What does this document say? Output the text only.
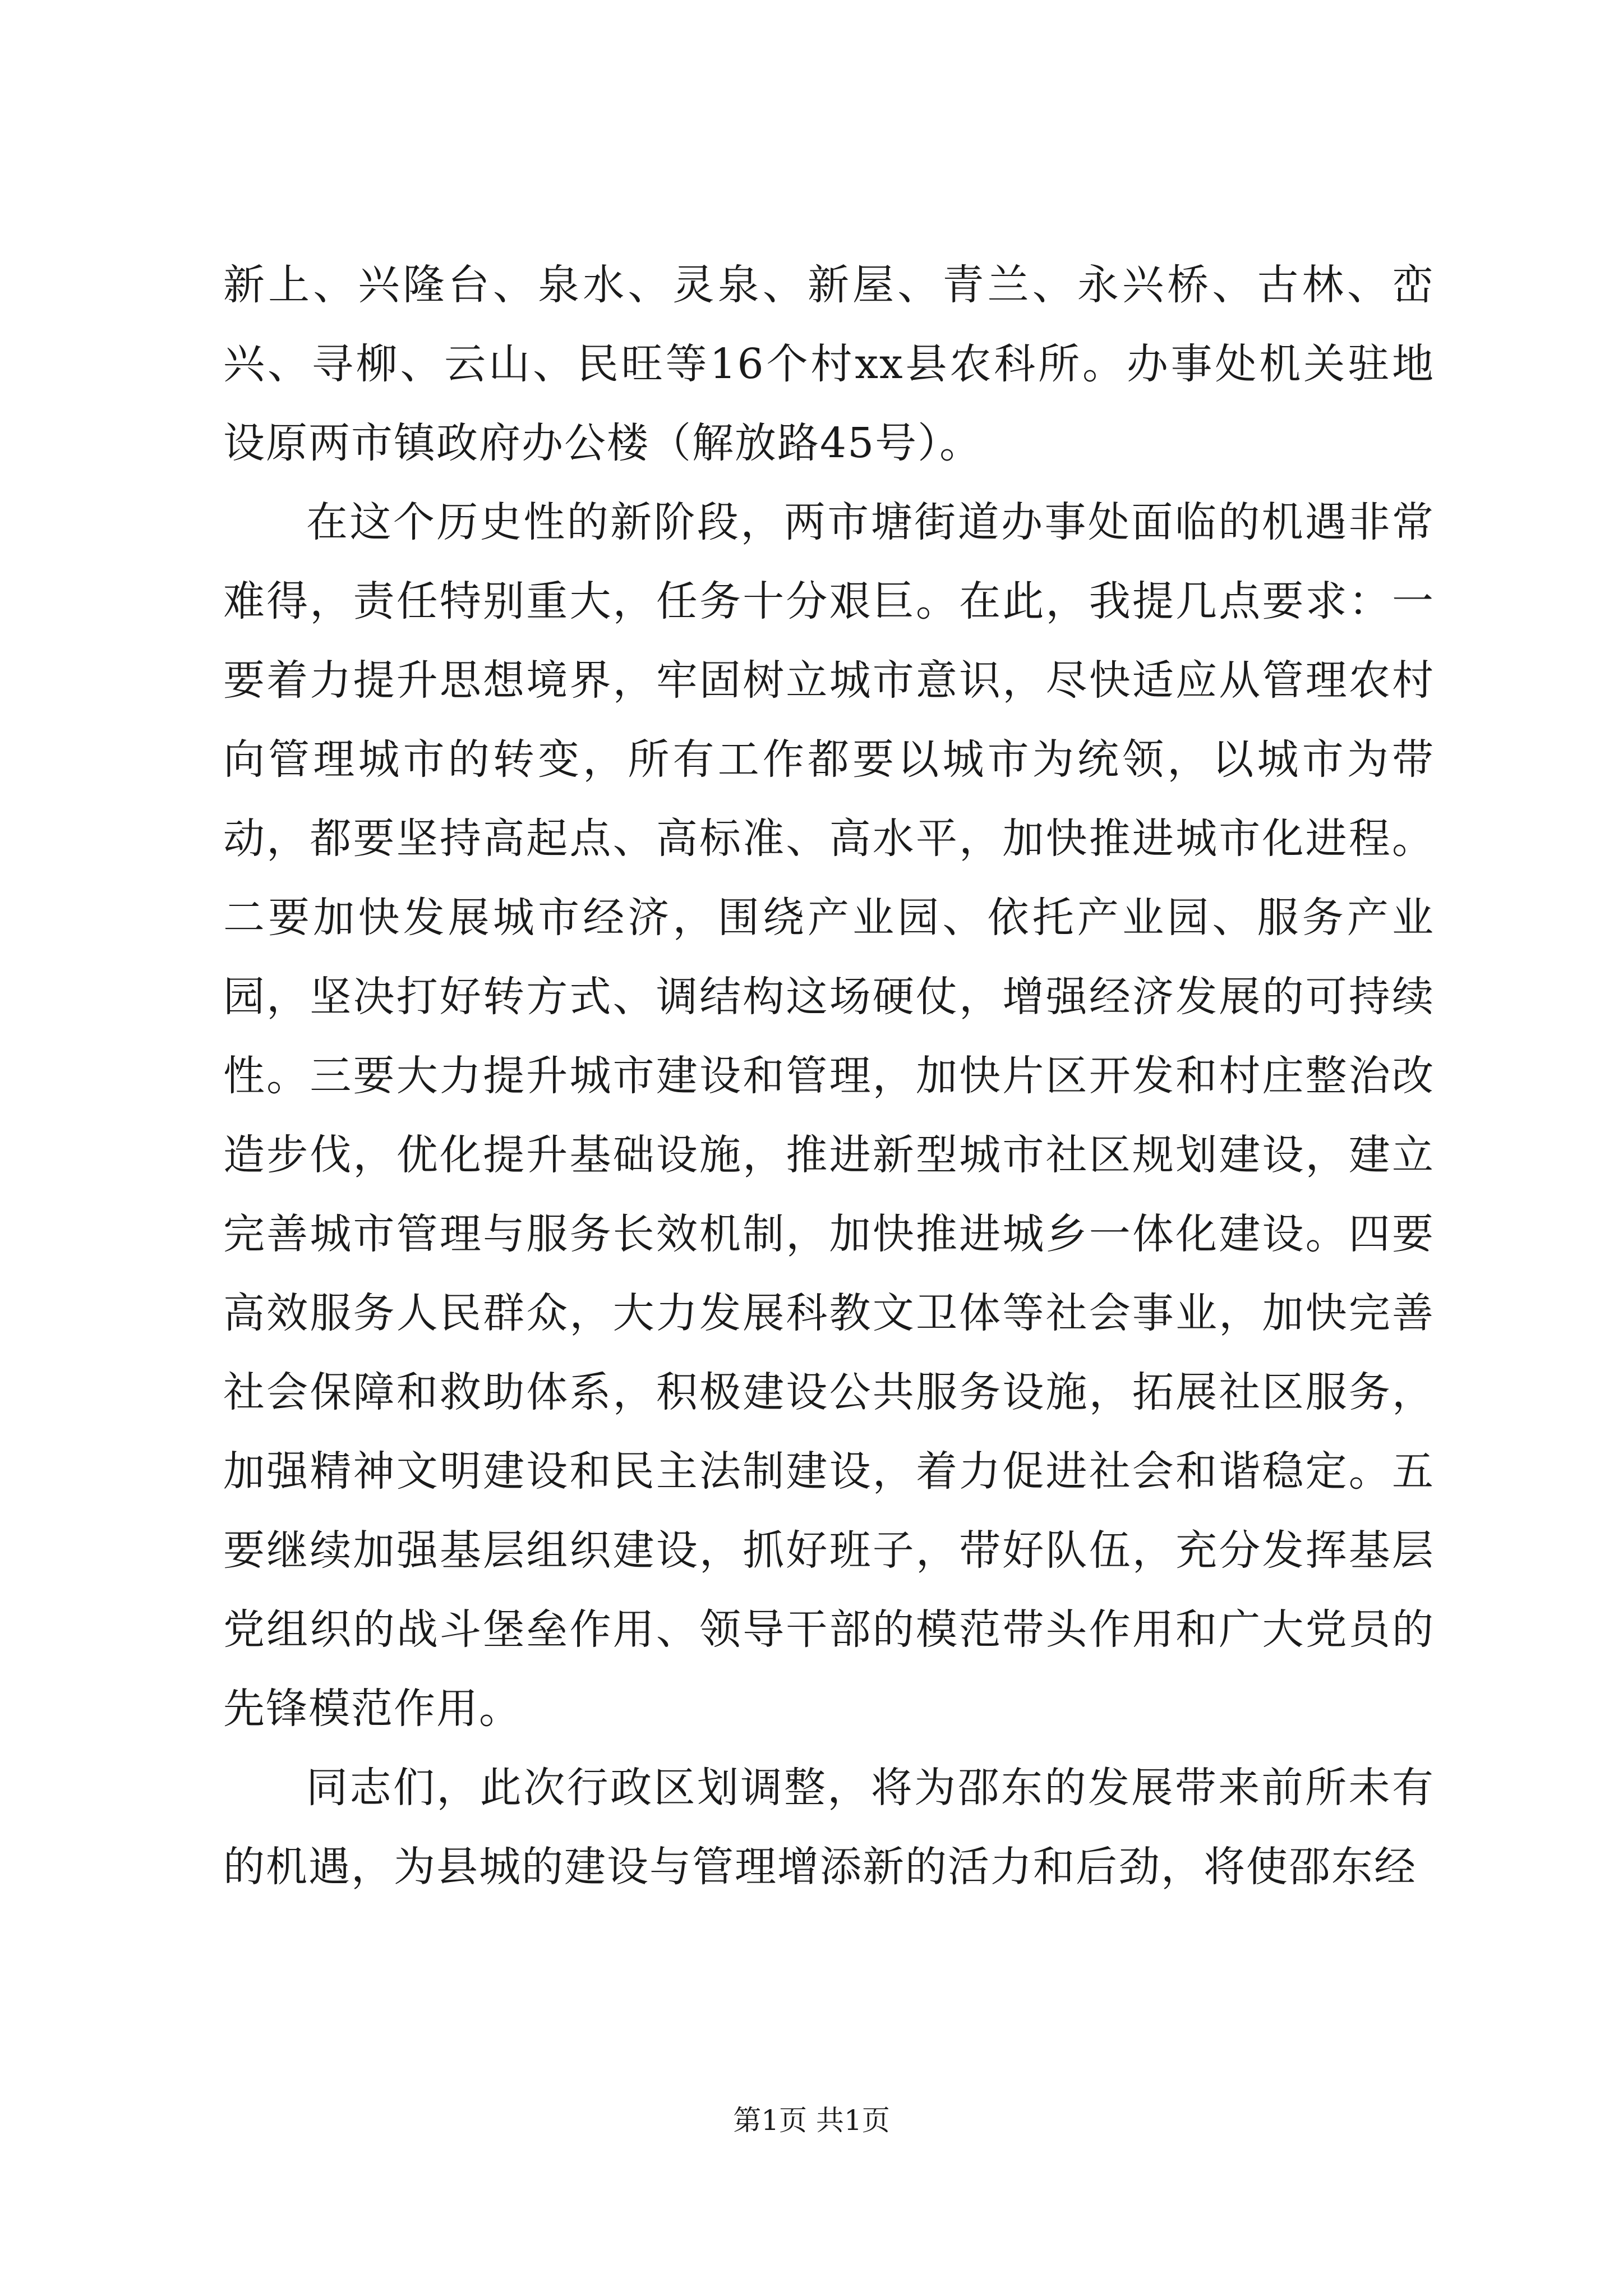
新上、兴隆台、泉水、灵泉、新屋、青兰、永兴桥、古林、峦兴、寻柳、云山、民旺等16个村xx县农科所。办事处机关驻地设原两市镇政府办公楼（解放路45号）。

在这个历史性的新阶段，两市塘街道办事处面临的机遇非常难得，责任特别重大，任务十分艰巨。在此，我提几点要求：一要着力提升思想境界，牢固树立城市意识，尽快适应从管理农村向管理城市的转变，所有工作都要以城市为统领，以城市为带动，都要坚持高起点、高标准、高水平，加快推进城市化进程。二要加快发展城市经济，围绕产业园、依托产业园、服务产业园，坚决打好转方式、调结构这场硬仗，增强经济发展的可持续性。三要大力提升城市建设和管理，加快片区开发和村庄整治改造步伐，优化提升基础设施，推进新型城市社区规划建设，建立完善城市管理与服务长效机制，加快推进城乡一体化建设。四要高效服务人民群众，大力发展科教文卫体等社会事业，加快完善社会保障和救助体系，积极建设公共服务设施，拓展社区服务，加强精神文明建设和民主法制建设，着力促进社会和谐稳定。五要继续加强基层组织建设，抓好班子，带好队伍，充分发挥基层党组织的战斗堡垒作用、领导干部的模范带头作用和广大党员的先锋模范作用。

同志们，此次行政区划调整，将为邵东的发展带来前所未有的机遇，为县城的建设与管理增添新的活力和后劲，将使邵东经

第1页 共1页
